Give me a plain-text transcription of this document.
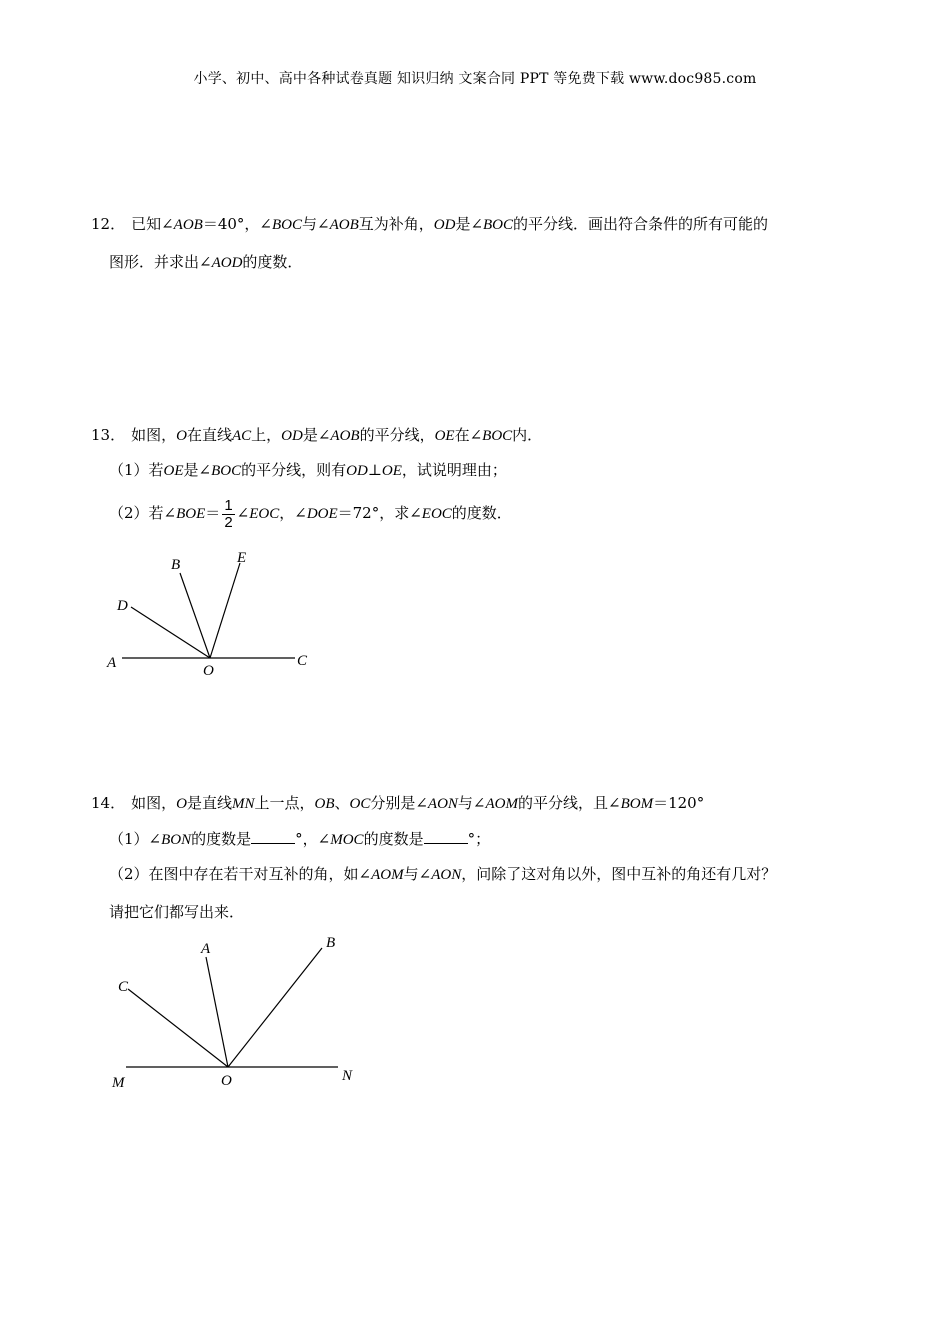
小学、初中、高中各种试卷真题 知识归纳 文案合同 PPT 等免费下载 www.doc985.com
12． 已知∠AOB＝40°，∠BOC与∠AOB互为补角，OD是∠BOC的平分线．画出符合条件的所有可能的
图形．并求出∠AOD的度数．
13． 如图，O在直线AC上，OD是∠AOB的平分线，OE在∠BOC内．
（1）若OE是∠BOC的平分线，则有OD⊥OE，试说明理由；
（2）若∠BOE＝ $\frac{1}{2}$ ∠EOC，∠DOE＝72°，求∠EOC的度数．
A	C
O
D
B	E
14． 如图，O是直线MN上一点，OB、OC分别是∠AON与∠AOM的平分线，且∠BOM＝120°
（1）∠BON的度数是	°，∠MOC的度数是	°；
（2）在图中存在若干对互补的角，如∠AOM与∠AON，问除了这对角以外，图中互补的角还有几对？
请把它们都写出来．
M	N
O
C
A	B
